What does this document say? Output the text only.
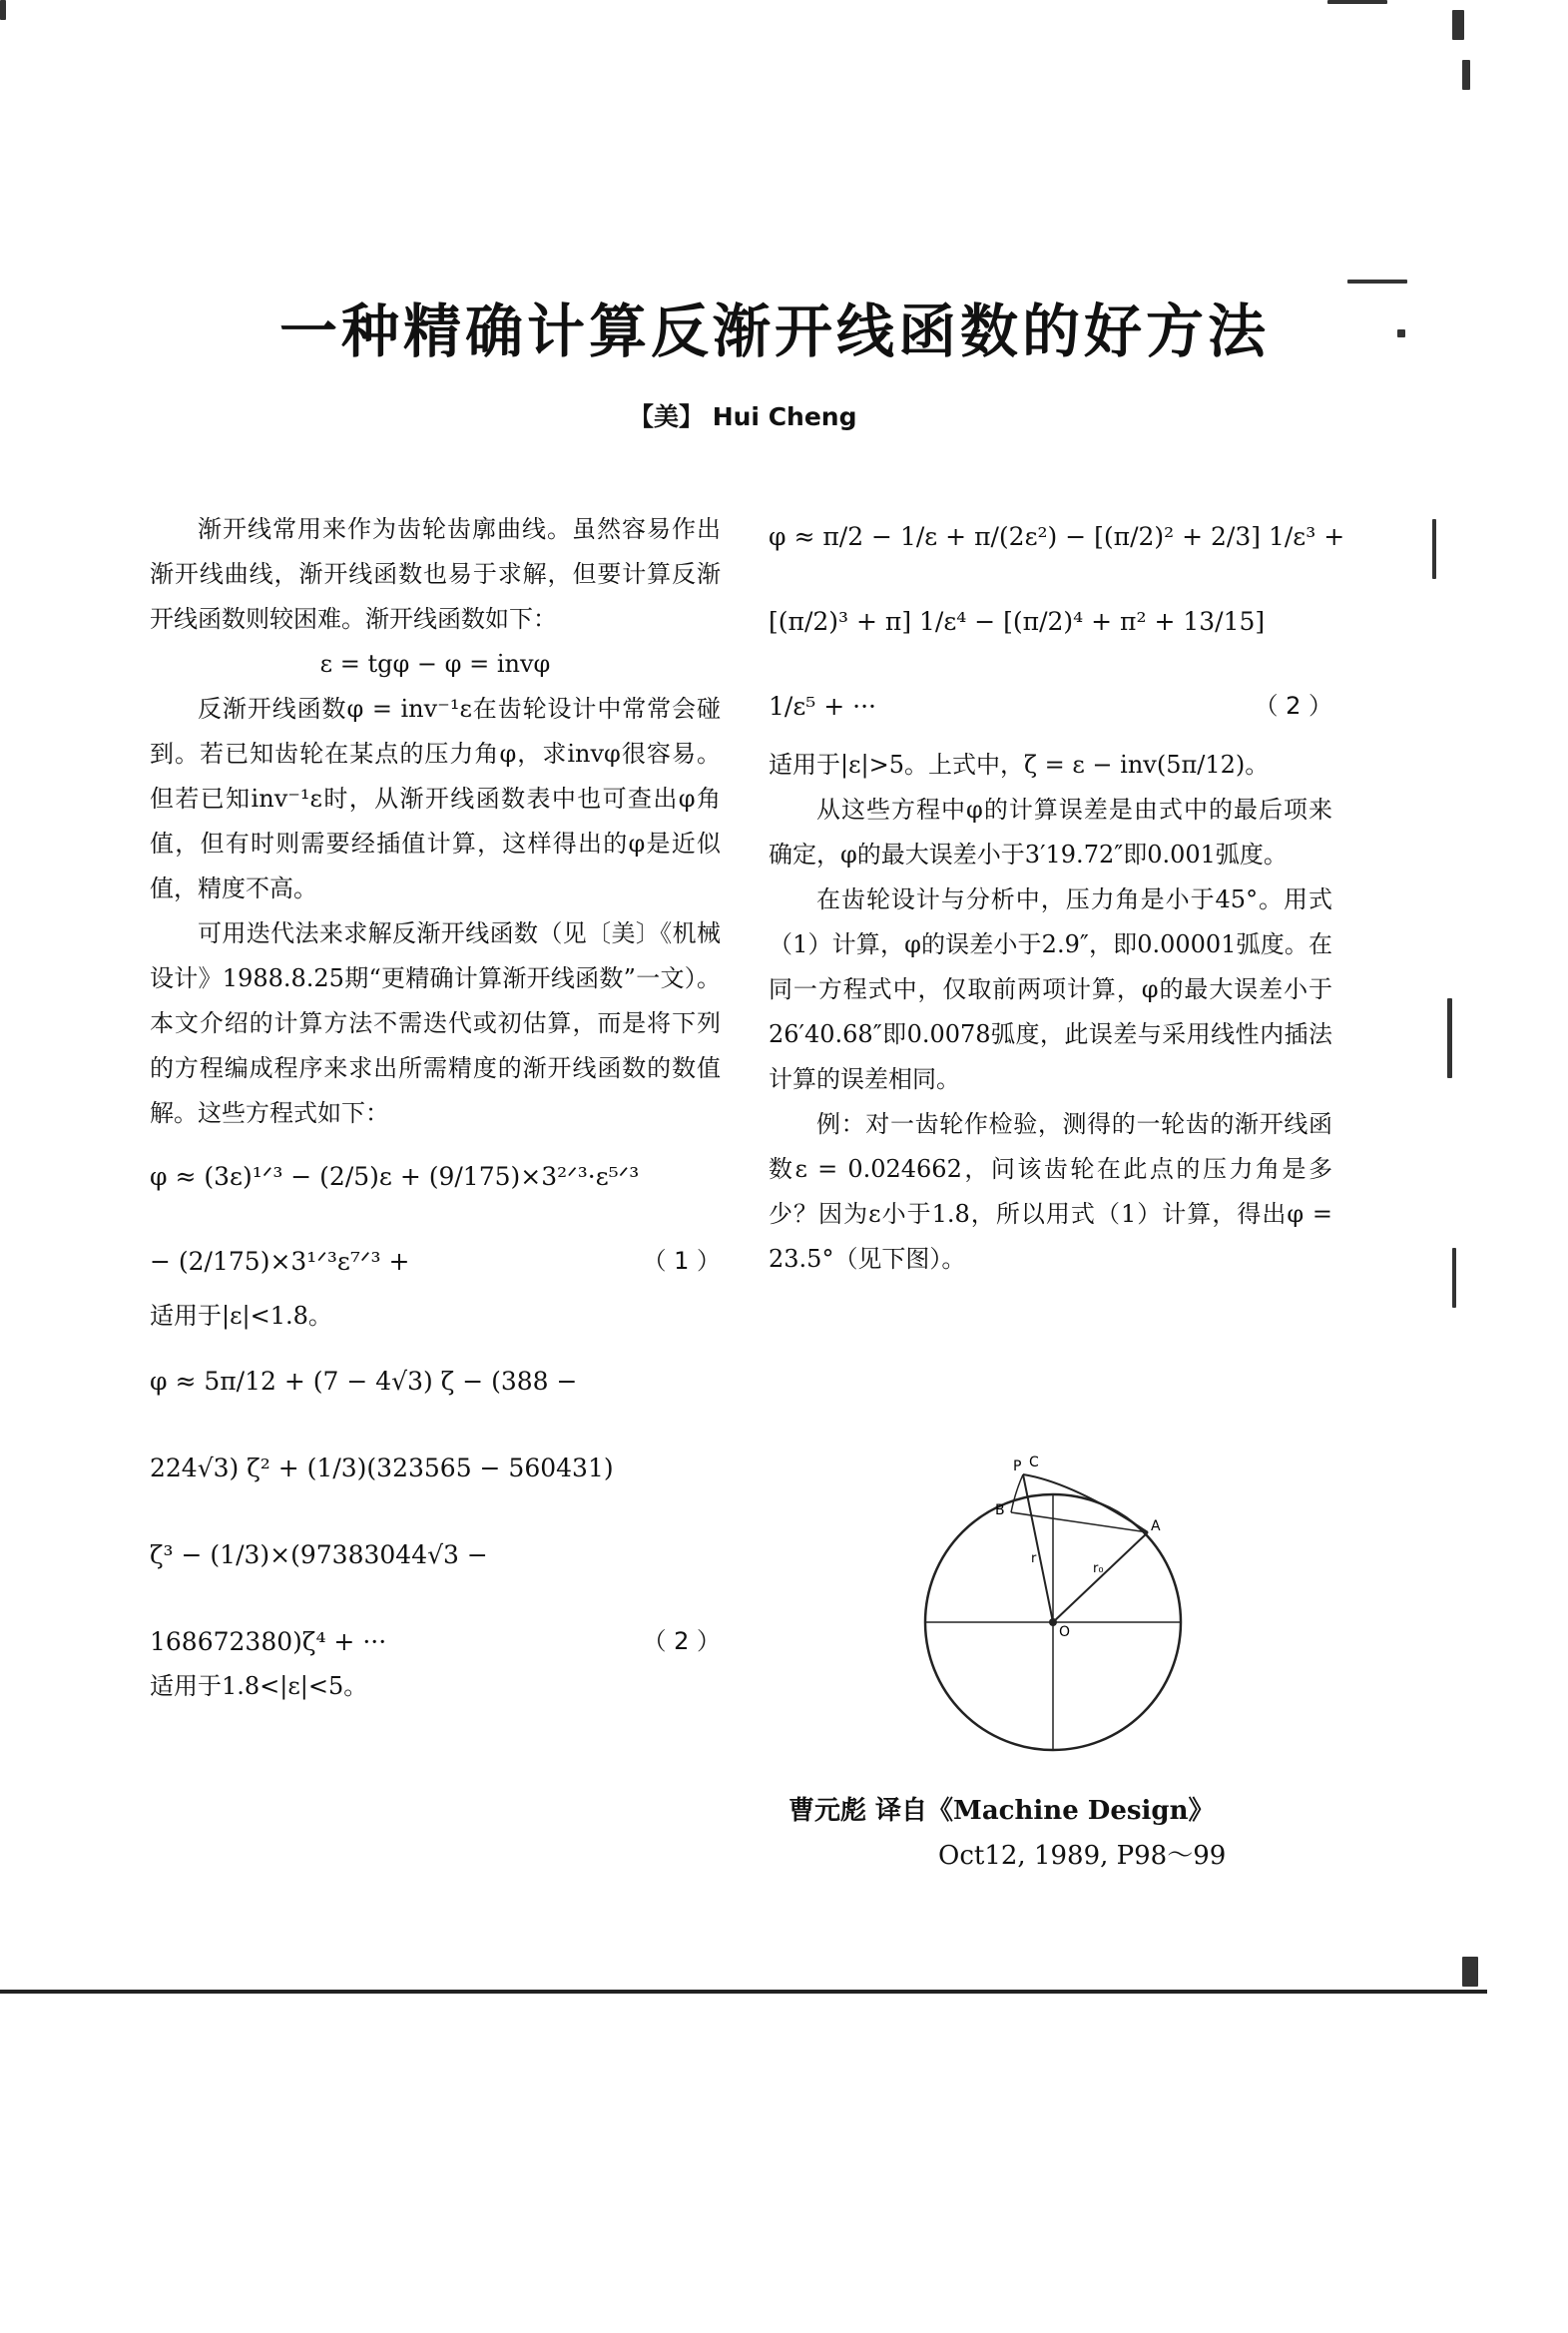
一种精确计算反渐开线函数的好方法
【美】 Hui Cheng

渐开线常用来作为齿轮齿廓曲线。虽然容易作出渐开线曲线，渐开线函数也易于求解，但要计算反渐开线函数则较困难。渐开线函数如下：

ε = tgφ − φ = invφ

反渐开线函数φ = inv⁻¹ε在齿轮设计中常常会碰到。若已知齿轮在某点的压力角φ，求invφ很容易。但若已知inv⁻¹ε时，从渐开线函数表中也可查出φ角值，但有时则需要经插值计算，这样得出的φ是近似值，精度不高。

可用迭代法来求解反渐开线函数（见〔美〕《机械设计》1988.8.25期“更精确计算渐开线函数”一文）。本文介绍的计算方法不需迭代或初估算，而是将下列的方程编成程序来求出所需精度的渐开线函数的数值解。这些方程式如下：

φ ≈ (3ε)¹ᐟ³ − (2/5)ε + (9/175)×3²ᐟ³·ε⁵ᐟ³
− (2/175)×3¹ᐟ³ε⁷ᐟ³ +	（ 1 ）
适用于|ε|<1.8。
φ ≈ 5π/12 + (7 − 4√3) ζ − (388 −
224√3) ζ² + (1/3)(323565 − 560431)
ζ³ − (1/3)×(97383044√3 −
168672380)ζ⁴ + ···	（ 2 ）
适用于1.8<|ε|<5。
φ ≈ π/2 − 1/ε + π/(2ε²) − [(π/2)² + 2/3] 1/ε³ +
[(π/2)³ + π] 1/ε⁴ − [(π/2)⁴ + π² + 13/15]
1/ε⁵ + ···	（ 2 ）
适用于|ε|>5。上式中，ζ = ε − inv(5π/12)。

从这些方程中φ的计算误差是由式中的最后项来确定，φ的最大误差小于3′19.72″即0.001弧度。

在齿轮设计与分析中，压力角是小于45°。用式（1）计算，φ的误差小于2.9″，即0.00001弧度。在同一方程式中，仅取前两项计算，φ的最大误差小于26′40.68″即0.0078弧度，此误差与采用线性内插法计算的误差相同。

例：对一齿轮作检验，测得的一轮齿的渐开线函数ε = 0.024662，问该齿轮在此点的压力角是多少？因为ε小于1.8，所以用式（1）计算，得出φ = 23.5°（见下图）。

P C
B
A
O
r
r₀
曹元彪 译自《Machine Design》
Oct12, 1989, P98～99
